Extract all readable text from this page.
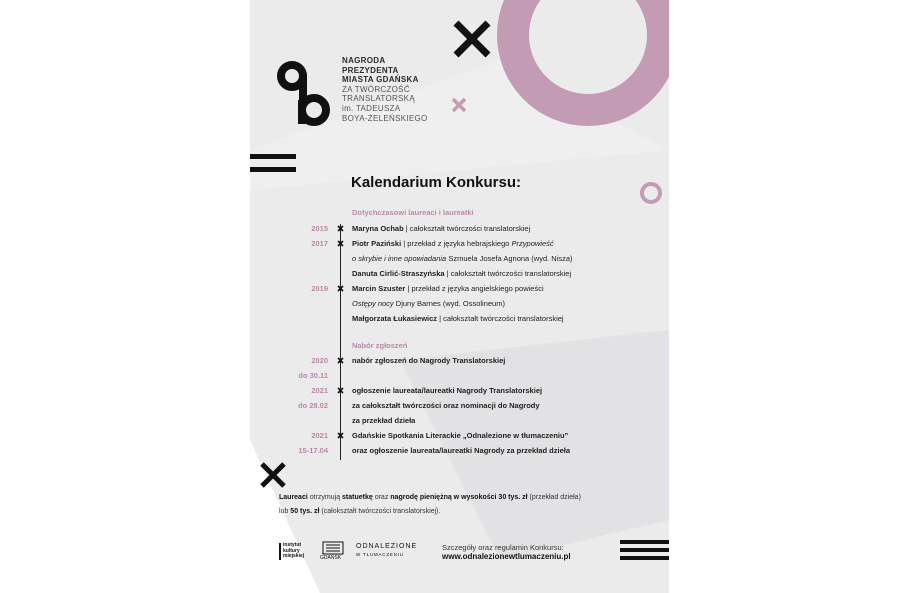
NAGRODA
PREZYDENTA
MIASTA GDAŃSKA
ZA TWÓRCZOŚĆ
TRANSLATORSKĄ
im. TADEUSZA
BOYA-ŻELEŃSKIEGO
Kalendarium Konkursu:
Dotychczasowi laureaci i laureatki
2015	Maryna Ochab | całokształt twórczości translatorskiej
2017	Piotr Paziński | przekład z języka hebrajskiego Przypowieść
o skrybie i inne opowiadania Szmuela Josefa Agnona (wyd. Nisza)
Danuta Cirlić-Straszyńska | całokształt twórczości translatorskiej
2019	Marcin Szuster | przekład z języka angielskiego powieści
Ostępy nocy Djuny Barnes (wyd. Ossolineum)
Małgorzata Łukasiewicz | całokształt twórczości translatorskiej
Nabór zgłoszeń
2020	nabór zgłoszeń do Nagrody Translatorskiej
do 30.11
2021	ogłoszenie laureata/laureatki Nagrody Translatorskiej
do 28.02	za całokształt twórczości oraz nominacji do Nagrody
za przekład dzieła
2021	Gdańskie Spotkania Literackie „Odnalezione w tłumaczeniu”
15-17.04	oraz ogłoszenie laureata/laureatki Nagrody za przekład dzieła
Laureaci otrzymują statuetkę oraz nagrodę pieniężną w wysokości 30 tys. zł (przekład dzieła)
lub 50 tys. zł (całokształt twórczości translatorskiej).
instytut
kultury
miejskiej	GDAŃSK
ODNALEZIONE
W TŁUMACZENIU
Szczegóły oraz regulamin Konkursu:
www.odnalezionewtlumaczeniu.pl
